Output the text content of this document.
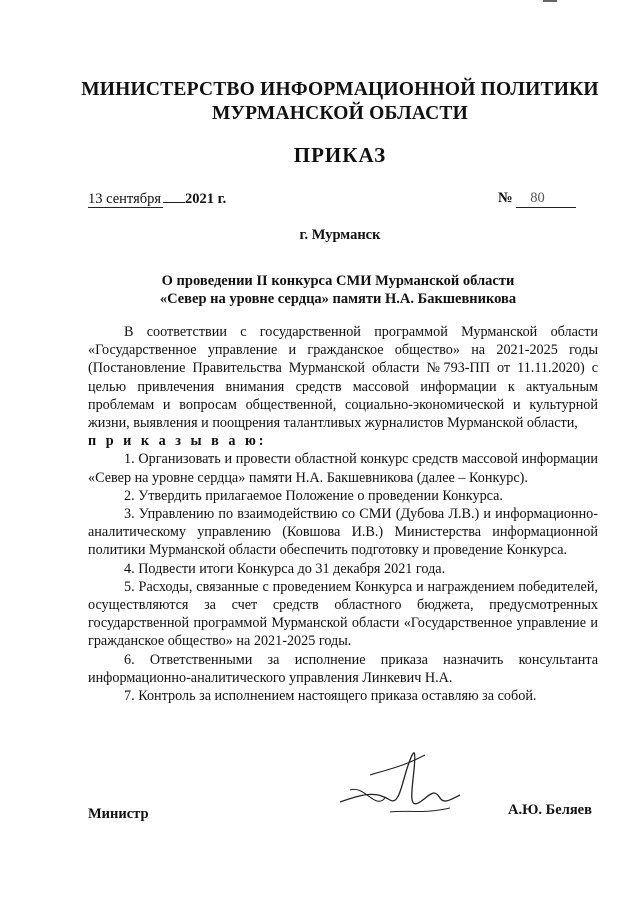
МИНИСТЕРСТВО ИНФОРМАЦИОННОЙ ПОЛИТИКИ
МУРМАНСКОЙ ОБЛАСТИ
ПРИКАЗ
13 сентября 2021 г.	№ 80
г. Мурманск
О проведении II конкурса СМИ Мурманской области
«Север на уровне сердца» памяти Н.А. Бакшевникова

В соответствии с государственной программой Мурманской области «Государственное управление и гражданское общество» на 2021-2025 годы (Постановление Правительства Мурманской области №793-ПП от 11.11.2020) с целью привлечения внимания средств массовой информации к актуальным проблемам и вопросам общественной, социально-экономической и культурной жизни, выявления и поощрения талантливых журналистов Мурманской области,

п р и к а з ы в а ю:

1. Организовать и провести областной конкурс средств массовой информации «Север на уровне сердца» памяти Н.А. Бакшевникова (далее – Конкурс).

2. Утвердить прилагаемое Положение о проведении Конкурса.

3. Управлению по взаимодействию со СМИ (Дубова Л.В.) и информационно-аналитическому управлению (Ковшова И.В.) Министерства информационной политики Мурманской области обеспечить подготовку и проведение Конкурса.

4. Подвести итоги Конкурса до 31 декабря 2021 года.

5. Расходы, связанные с проведением Конкурса и награждением победителей, осуществляются за счет средств областного бюджета, предусмотренных государственной программой Мурманской области «Государственное управление и гражданское общество» на 2021-2025 годы.

6. Ответственными за исполнение приказа назначить консультанта информационно-аналитического управления Линкевич Н.А.

7. Контроль за исполнением настоящего приказа оставляю за собой.

Министр	А.Ю. Беляев
